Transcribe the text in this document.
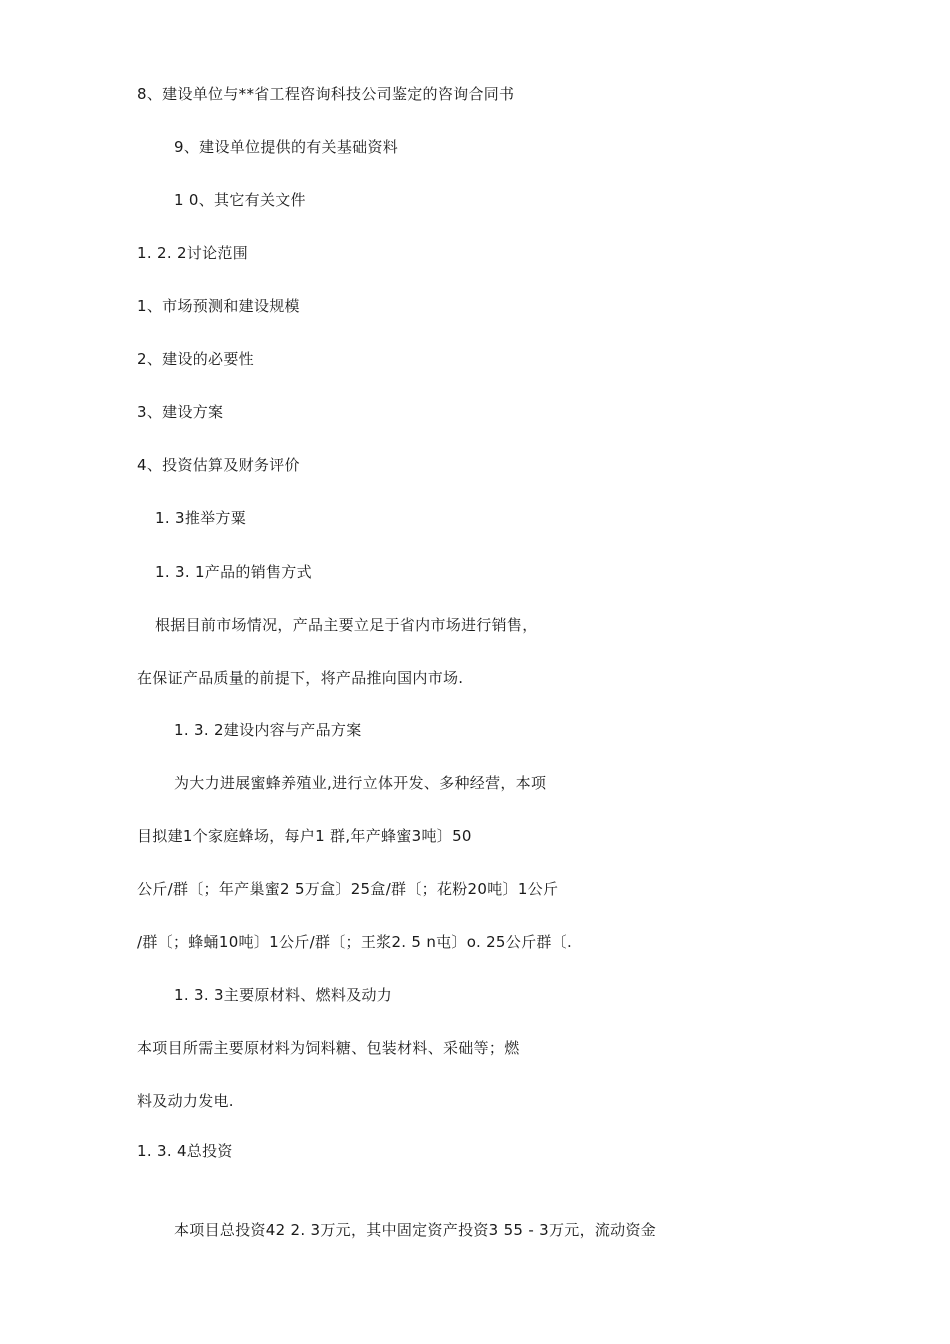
8、建设单位与**省工程咨询科技公司鉴定的咨询合同书
9、建设单位提供的有关基础资料
1 0、其它有关文件
1. 2. 2讨论范围
1、市场预测和建设规模
2、建设的必要性
3、建设方案
4、投资估算及财务评价
1. 3推举方粟
1. 3. 1产品的销售方式
根据目前市场情况，产品主要立足于省内市场进行销售，
在保证产品质量的前提下，将产品推向国内市场.
1. 3. 2建设内容与产品方案
为大力进展蜜蜂养殖业,进行立体开发、多种经营，本项
目拟建1个家庭蜂场，每户1 群,年产蜂蜜3吨〕50
公斤/群〔；年产巢蜜2 5万盒〕25盒/群〔；花粉20吨〕1公斤
/群〔；蜂蛹10吨〕1公斤/群〔；王浆2. 5 n屯〕o. 25公斤群〔.
1. 3. 3主要原材料、燃料及动力
本项目所需主要原材料为饲料糖、包装材料、采础等；燃
料及动力发电.
1. 3. 4总投资
本项目总投资42 2. 3万元，其中固定资产投资3 55 - 3万元，流动资金
